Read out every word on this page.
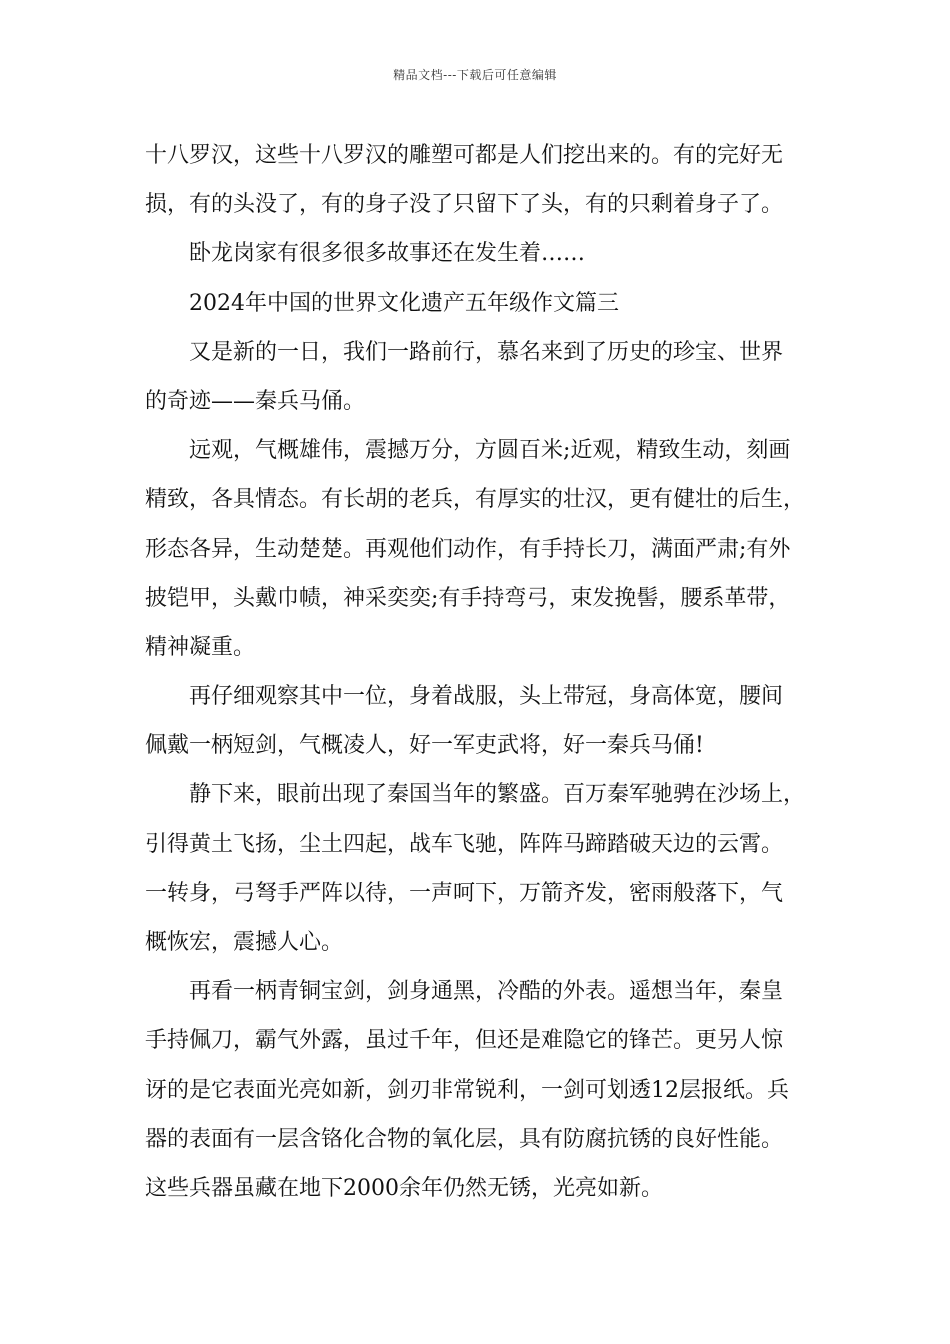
精品文档---下载后可任意编辑
十八罗汉，这些十八罗汉的雕塑可都是人们挖出来的。有的完好无
损，有的头没了，有的身子没了只留下了头，有的只剩着身子了。
卧龙岗家有很多很多故事还在发生着……
2024年中国的世界文化遗产五年级作文篇三
又是新的一日，我们一路前行，慕名来到了历史的珍宝、世界
的奇迹——秦兵马俑。
远观，气概雄伟，震撼万分，方圆百米;近观，精致生动，刻画
精致，各具情态。有长胡的老兵，有厚实的壮汉，更有健壮的后生，
形态各异，生动楚楚。再观他们动作，有手持长刀，满面严肃;有外
披铠甲，头戴巾帻，神采奕奕;有手持弯弓，束发挽髻，腰系革带，
精神凝重。
再仔细观察其中一位，身着战服，头上带冠，身高体宽，腰间
佩戴一柄短剑，气概凌人，好一军吏武将，好一秦兵马俑!
静下来，眼前出现了秦国当年的繁盛。百万秦军驰骋在沙场上，
引得黄土飞扬，尘土四起，战车飞驰，阵阵马蹄踏破天边的云霄。
一转身，弓弩手严阵以待，一声呵下，万箭齐发，密雨般落下，气
概恢宏，震撼人心。
再看一柄青铜宝剑，剑身通黑，冷酷的外表。遥想当年，秦皇
手持佩刀，霸气外露，虽过千年，但还是难隐它的锋芒。更另人惊
讶的是它表面光亮如新，剑刃非常锐利，一剑可划透12层报纸。兵
器的表面有一层含铬化合物的氧化层，具有防腐抗锈的良好性能。
这些兵器虽藏在地下2000余年仍然无锈，光亮如新。
